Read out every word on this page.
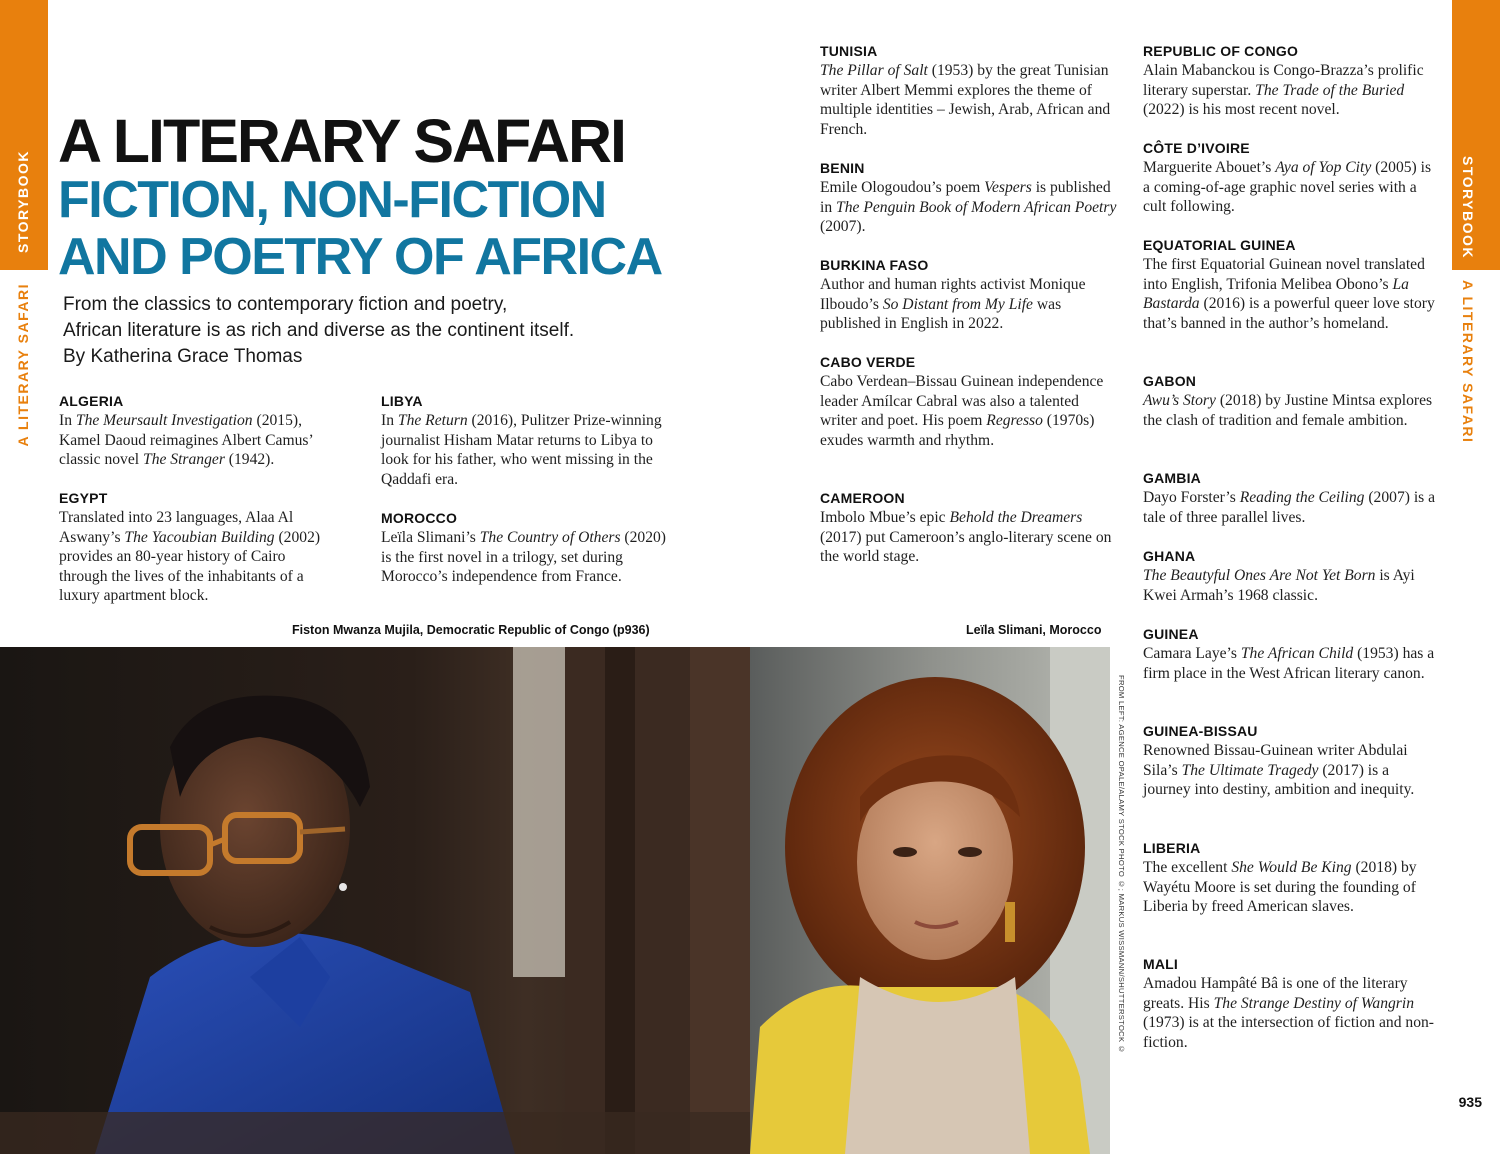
STORYBOOK
A LITERARY SAFARI
STORYBOOK
A LITERARY SAFARI
A LITERARY SAFARI
FICTION, NON-FICTION
AND POETRY OF AFRICA
From the classics to contemporary fiction and poetry,
African literature is as rich and diverse as the continent itself.
By Katherina Grace Thomas
ALGERIA

In The Meursault Investigation (2015), Kamel Daoud reimagines Albert Camus’ classic novel The Stranger (1942).

EGYPT

Translated into 23 languages, Alaa Al Aswany’s The Yacoubian Building (2002) provides an 80-year history of Cairo through the lives of the inhabitants of a luxury apartment block.

LIBYA

In The Return (2016), Pulitzer Prize-winning journalist Hisham Matar returns to Libya to look for his father, who went missing in the Qaddafi era.

MOROCCO

Leïla Slimani’s The Country of Others (2020) is the first novel in a trilogy, set during Morocco’s independence from France.

TUNISIA

The Pillar of Salt (1953) by the great Tunisian writer Albert Memmi explores the theme of multiple identities – Jewish, Arab, African and French.

BENIN

Emile Ologoudou’s poem Vespers is published in The Penguin Book of Modern African Poetry (2007).

BURKINA FASO

Author and human rights activist Monique Ilboudo’s So Distant from My Life was published in English in 2022.

CABO VERDE

Cabo Verdean–Bissau Guinean independence leader Amílcar Cabral was also a talented writer and poet. His poem Regresso (1970s) exudes warmth and rhythm.

CAMEROON

Imbolo Mbue’s epic Behold the Dreamers (2017) put Cameroon’s anglo-literary scene on the world stage.

REPUBLIC OF CONGO

Alain Mabanckou is Congo-Brazza’s prolific literary superstar. The Trade of the Buried (2022) is his most recent novel.

CÔTE D’IVOIRE

Marguerite Abouet’s Aya of Yop City (2005) is a coming-of-age graphic novel series with a cult following.

EQUATORIAL GUINEA

The first Equatorial Guinean novel translated into English, Trifonia Melibea Obono’s La Bastarda (2016) is a powerful queer love story that’s banned in the author’s homeland.

GABON

Awu’s Story (2018) by Justine Mintsa explores the clash of tradition and female ambition.

GAMBIA

Dayo Forster’s Reading the Ceiling (2007) is a tale of three parallel lives.

GHANA

The Beautyful Ones Are Not Yet Born is Ayi Kwei Armah’s 1968 classic.

GUINEA

Camara Laye’s The African Child (1953) has a firm place in the West African literary canon.

GUINEA-BISSAU

Renowned Bissau-Guinean writer Abdulai Sila’s The Ultimate Tragedy (2017) is a journey into destiny, ambition and inequity.

LIBERIA

The excellent She Would Be King (2018) by Wayétu Moore is set during the founding of Liberia by freed American slaves.

MALI

Amadou Hampâté Bâ is one of the literary greats. His The Strange Destiny of Wangrin (1973) is at the intersection of fiction and non-fiction.

Fiston Mwanza Mujila, Democratic Republic of Congo (p936)	Leïla Slimani, Morocco
FROM LEFT: AGENCE OPALE/ALAMY STOCK PHOTO ©; MARKUS WISSMANN/SHUTTERSTOCK ©
935
